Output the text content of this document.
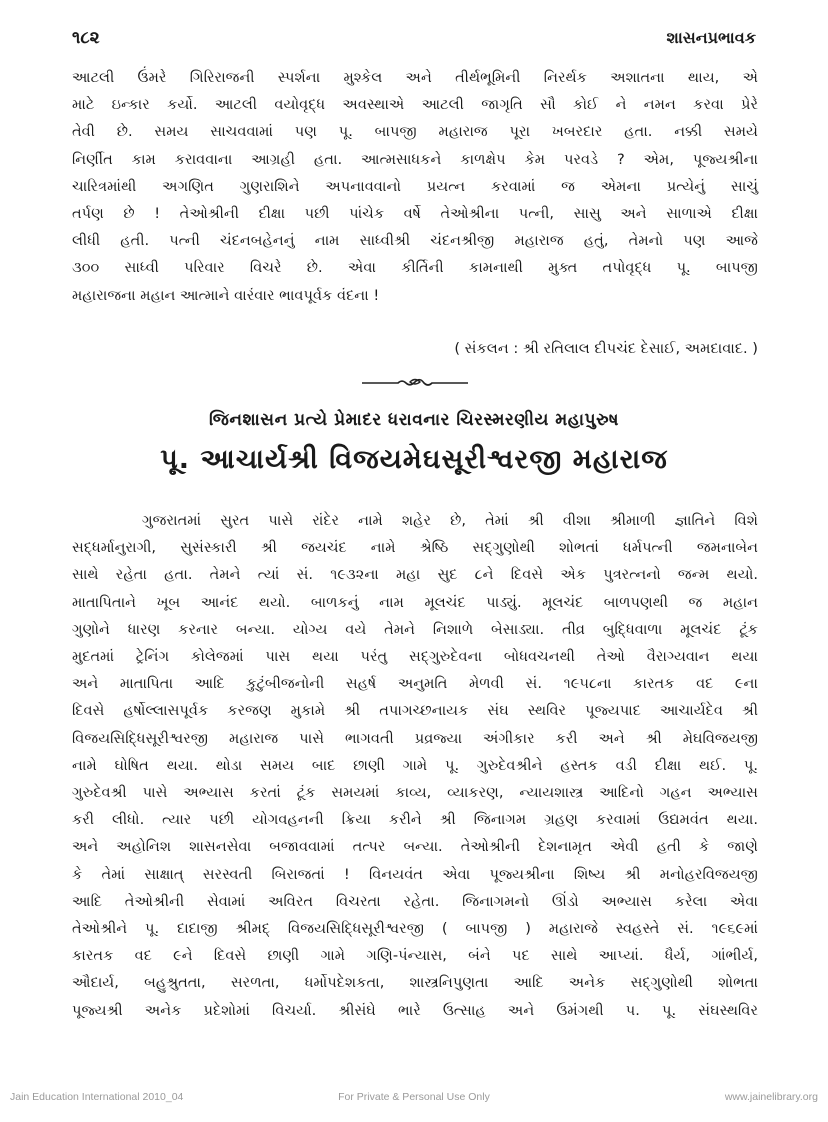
૧૮૨	શાસનપ્રભાવક
આટલી ઉંમરે ગિરિરાજની સ્પર્શના મુશ્કેલ અને તીર્થભૂમિની નિરર્થક અશાતના થાય, એ
માટે ઇન્કાર કર્યો. આટલી વયોવૃદ્ધ અવસ્થાએ આટલી જાગૃતિ સૌ કોઈ ને નમન કરવા પ્રેરે
તેવી છે. સમય સાચવવામાં પણ પૂ. બાપજી મહારાજ પૂરા ખબરદાર હતા. નક્કી સમયે
નિર્ણીત કામ કરાવવાના આગ્રહી હતા. આત્મસાધકને કાળક્ષેપ કેમ પરવડે ? એમ, પૂજ્યશ્રીના
ચારિત્રમાંથી અગણિત ગુણરાશિને અપનાવવાનો પ્રયત્ન કરવામાં જ એમના પ્રત્યેનું સાચું
તર્પણ છે ! તેઓશ્રીની દીક્ષા પછી પાંચેક વર્ષે તેઓશ્રીના પત્ની, સાસુ અને સાળાએ દીક્ષા
લીધી હતી. પત્ની ચંદનબહેનનું નામ સાધ્વીશ્રી ચંદનશ્રીજી મહારાજ હતું, તેમનો પણ આજે
૩૦૦ સાધ્વી પરિવાર વિચરે છે. એવા કીર્તિની કામનાથી મુક્ત તપોવૃદ્ધ પૂ. બાપજી
મહારાજના મહાન આત્માને વારંવાર ભાવપૂર્વક વંદના !
( સંકલન : શ્રી રતિલાલ દીપચંદ દેસાઈ, અમદાવાદ. )
જિનશાસન પ્રત્યે પ્રેમાદર ધરાવનાર ચિરસ્મરણીય મહાપુરુષ
પૂ. આચાર્યશ્રી વિજયમેઘસૂરીશ્વરજી મહારાજ
ગુજરાતમાં સુરત પાસે રાંદેર નામે શહેર છે, તેમાં શ્રી વીશા શ્રીમાળી જ્ઞાતિને વિશે
સદ્ધર્માનુરાગી, સુસંસ્કારી શ્રી જયચંદ નામે શ્રેષ્ઠિ સદ્ગુણોથી શોભતાં ધર્મપત્ની જમનાબેન
સાથે રહેતા હતા. તેમને ત્યાં સં. ૧૯૩૨ના મહા સુદ ૮ને દિવસે એક પુત્રરત્નનો જન્મ થયો.
માતાપિતાને ખૂબ આનંદ થયો. બાળકનું નામ મૂલચંદ પાડ્યું. મૂલચંદ બાળપણથી જ મહાન
ગુણોને ધારણ કરનાર બન્યા. યોગ્ય વયે તેમને નિશાળે બેસાડ્યા. તીવ્ર બુદ્ધિવાળા મૂલચંદ ટૂંક
મુદતમાં ટ્રેનિંગ કોલેજમાં પાસ થયા પરંતુ સદ્ગુરુદેવના બોધવચનથી તેઓ વૈરાગ્યવાન થયા
અને માતાપિતા આદિ કુટુંબીજનોની સહર્ષ અનુમતિ મેળવી સં. ૧૯૫૮ના કારતક વદ ૯ના
દિવસે હર્ષોલ્લાસપૂર્વક કરજણ મુકામે શ્રી તપાગચ્છનાયક સંઘ સ્થવિર પૂજ્યપાદ આચાર્યદેવ શ્રી
વિજયસિદ્ધિસૂરીશ્વરજી મહારાજ પાસે ભાગવતી પ્રવ્રજ્યા અંગીકાર કરી અને શ્રી મેઘવિજયજી
નામે ઘોષિત થયા. થોડા સમય બાદ છાણી ગામે પૂ. ગુરુદેવશ્રીને હસ્તક વડી દીક્ષા થઈ. પૂ.
ગુરુદેવશ્રી પાસે અભ્યાસ કરતાં ટૂંક સમયમાં કાવ્ય, વ્યાકરણ, ન્યાયશાસ્ત્ર આદિનો ગહન અભ્યાસ
કરી લીધો. ત્યાર પછી યોગવહનની ક્રિયા કરીને શ્રી જિનાગમ ગ્રહણ કરવામાં ઉદ્યમવંત થયા.
અને અહોનિશ શાસનસેવા બજાવવામાં તત્પર બન્યા. તેઓશ્રીની દેશનામૃત એવી હતી કે જાણે
કે તેમાં સાક્ષાત્ સરસ્વતી બિરાજતાં ! વિનયવંત એવા પૂજ્યશ્રીના શિષ્ય શ્રી મનોહરવિજયજી
આદિ તેઓશ્રીની સેવામાં અવિરત વિચરતા રહેતા. જિનાગમનો ઊંડો અભ્યાસ કરેલા એવા
તેઓશ્રીને પૂ. દાદાજી શ્રીમદ્ વિજયસિદ્ધિસૂરીશ્વરજી ( બાપજી ) મહારાજે સ્વહસ્તે સં. ૧૯૬૯માં
કારતક વદ ૯ને દિવસે છાણી ગામે ગણિ-પંન્યાસ, બંને પદ સાથે આપ્યાં. ધૈર્ય, ગાંભીર્ય,
ઔદાર્ય, બહુશ્રુતતા, સરળતા, ધર્મોપદેશકતા, શાસ્ત્રનિપુણતા આદિ અનેક સદ્ગુણોથી શોભતા
પૂજ્યશ્રી અનેક પ્રદેશોમાં વિચર્યા. શ્રીસંઘે ભારે ઉત્સાહ અને ઉમંગથી પ. પૂ. સંઘસ્થવિર
Jain Education International 2010_04	For Private & Personal Use Only	www.jainelibrary.org
